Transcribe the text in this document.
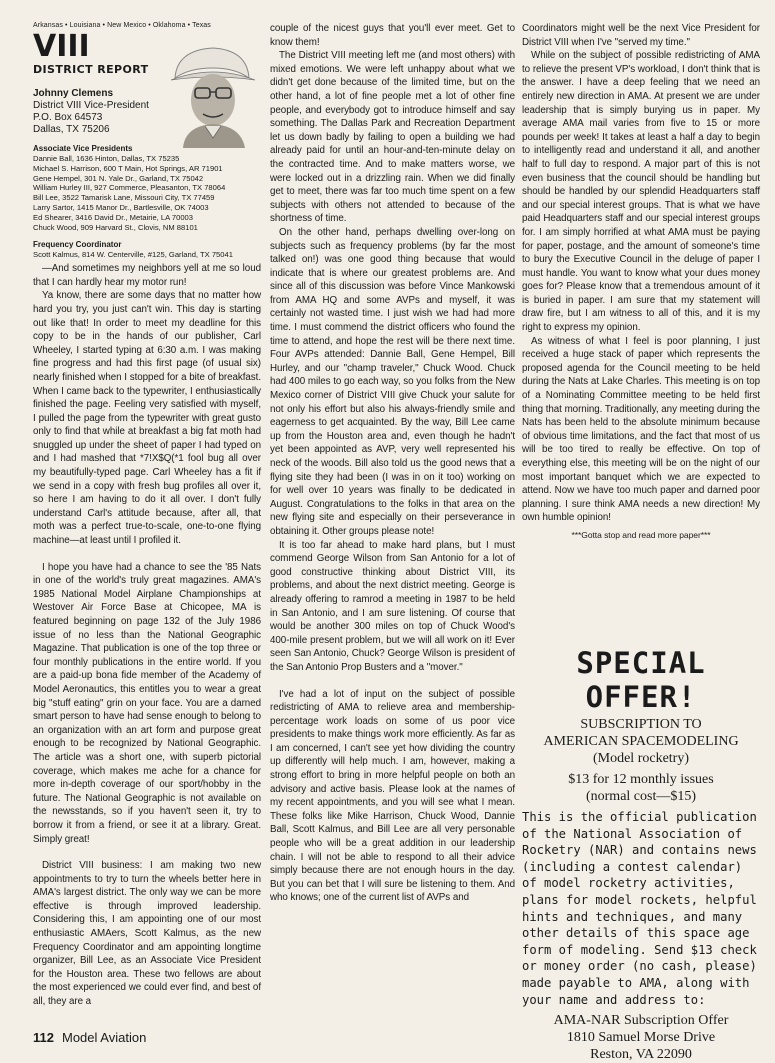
Arkansas • Louisiana • New Mexico • Oklahoma • Texas

VIII

DISTRICT REPORT

Johnny Clemens

District VIII Vice-President

P.O. Box 64573

Dallas, TX 75206

Associate Vice Presidents

Dannie Ball, 1636 Hinton, Dallas, TX 75235

Michael S. Harrison, 600 T Main, Hot Springs, AR 71901

Gene Hempel, 301 N. Yale Dr., Garland, TX 75042

William Hurley III, 927 Commerce, Pleasanton, TX 78064

Bill Lee, 3522 Tamarisk Lane, Missouri City, TX 77459

Larry Sartor, 1415 Manor Dr., Bartlesville, OK 74003

Ed Shearer, 3416 David Dr., Metairie, LA 70003

Chuck Wood, 909 Harvard St., Clovis, NM 88101

Frequency Coordinator

Scott Kalmus, 814 W. Centerville, #125, Garland, TX 75041

—And sometimes my neighbors yell at me so loud that I can hardly hear my motor run!

Ya know, there are some days that no matter how hard you try, you just can't win. This day is starting out like that! In order to meet my deadline for this copy to be in the hands of our publisher, Carl Wheeley, I started typing at 6:30 a.m. I was making fine progress and had this first page (of usual six) nearly finished when I stopped for a bite of breakfast. When I came back to the typewriter, I enthusiastically finished the page. Feeling very satisfied with myself, I pulled the page from the typewriter with great gusto only to find that while at breakfast a big fat moth had snuggled up under the sheet of paper I had typed on and I had mashed that *7!X$Q(*1 fool bug all over my beautifully-typed page. Carl Wheeley has a fit if we send in a copy with fresh bug profiles all over it, so here I am having to do it all over. I don't fully understand Carl's attitude because, after all, that moth was a perfect true-to-scale, one-to-one flying machine—at least until I profiled it.

I hope you have had a chance to see the '85 Nats in one of the world's truly great magazines. AMA's 1985 National Model Airplane Championships at Westover Air Force Base at Chicopee, MA is featured beginning on page 132 of the July 1986 issue of no less than the National Geographic Magazine. That publication is one of the top three or four monthly publications in the entire world. If you are a paid-up bona fide member of the Academy of Model Aeronautics, this entitles you to wear a great big "stuff eating" grin on your face. You are a darned smart person to have had sense enough to belong to an organization with an art form and purpose great enough to be recognized by National Geographic. The article was a short one, with superb pictorial coverage, which makes me ache for a chance for more in-depth coverage of our sport/hobby in the future. The National Geographic is not available on the newsstands, so if you haven't seen it, try to borrow it from a friend, or see it at a library. Great. Simply great!

District VIII business: I am making two new appointments to try to turn the wheels better here in AMA's largest district. The only way we can be more effective is through improved leadership. Considering this, I am appointing one of our most enthusiastic AMAers, Scott Kalmus, as the new Frequency Coordinator and am appointing longtime organizer, Bill Lee, as an Associate Vice President for the Houston area. These two fellows are about the most experienced we could ever find, and best of all, they are a

couple of the nicest guys that you'll ever meet. Get to know them!

The District VIII meeting left me (and most others) with mixed emotions. We were left unhappy about what we didn't get done because of the limited time, but on the other hand, a lot of fine people met a lot of other fine people, and everybody got to introduce himself and say something. The Dallas Park and Recreation Department let us down badly by failing to open a building we had already paid for until an hour-and-ten-minute delay on the contracted time. And to make matters worse, we were locked out in a drizzling rain. When we did finally get to meet, there was far too much time spent on a few subjects with others not attended to because of the shortness of time.

On the other hand, perhaps dwelling over-long on subjects such as frequency problems (by far the most talked on!) was one good thing because that would indicate that is where our greatest problems are. And since all of this discussion was before Vince Mankowski from AMA HQ and some AVPs and myself, it was certainly not wasted time. I just wish we had had more time. I must commend the district officers who found the time to attend, and hope the rest will be there next time. Four AVPs attended: Dannie Ball, Gene Hempel, Bill Hurley, and our "champ traveler," Chuck Wood. Chuck had 400 miles to go each way, so you folks from the New Mexico corner of District VIII give Chuck your salute for not only his effort but also his always-friendly smile and eagerness to get acquainted. By the way, Bill Lee came up from the Houston area and, even though he hadn't yet been appointed as AVP, very well represented his neck of the woods. Bill also told us the good news that a flying site they had been (I was in on it too) working on for well over 10 years was finally to be dedicated in August. Congratulations to the folks in that area on the new flying site and especially on their perseverance in obtaining it. Other groups please note!

It is too far ahead to make hard plans, but I must commend George Wilson from San Antonio for a lot of good constructive thinking about District VIII, its problems, and about the next district meeting. George is already offering to ramrod a meeting in 1987 to be held in San Antonio, and I am sure listening. Of course that would be another 300 miles on top of Chuck Wood's 400-mile present problem, but we will all work on it! Ever seen San Antonio, Chuck? George Wilson is president of the San Antonio Prop Busters and a "mover."

I've had a lot of input on the subject of possible redistricting of AMA to relieve area and membership-percentage work loads on some of us poor vice presidents to make things work more efficiently. As far as I am concerned, I can't see yet how dividing the country up differently will help much. I am, however, making a strong effort to bring in more helpful people on both an advisory and active basis. Please look at the names of my recent appointments, and you will see what I mean. These folks like Mike Harrison, Chuck Wood, Dannie Ball, Scott Kalmus, and Bill Lee are all very personable people who will be a great addition in our leadership chain. I will not be able to respond to all their advice simply because there are not enough hours in the day. But you can bet that I will sure be listening to them. And who knows; one of the current list of AVPs and

Coordinators might well be the next Vice President for District VIII when I've "served my time."

While on the subject of possible redistricting of AMA to relieve the present VP's workload, I don't think that is the answer. I have a deep feeling that we need an entirely new direction in AMA. At present we are under leadership that is simply burying us in paper. My average AMA mail varies from five to 15 or more pounds per week! It takes at least a half a day to begin to intelligently read and understand it all, and another half to full day to respond. A major part of this is not even business that the council should be handling but should be handled by our splendid Headquarters staff and our special interest groups. That is what we have paid Headquarters staff and our special interest groups for. I am simply horrified at what AMA must be paying for paper, postage, and the amount of someone's time to bury the Executive Council in the deluge of paper I must handle. You want to know what your dues money goes for? Please know that a tremendous amount of it is buried in paper. I am sure that my statement will draw fire, but I am witness to all of this, and it is my right to express my opinion.

As witness of what I feel is poor planning, I just received a huge stack of paper which represents the proposed agenda for the Council meeting to be held during the Nats at Lake Charles. This meeting is on top of a Nominating Committee meeting to be held first thing that morning. Traditionally, any meeting during the Nats has been held to the absolute minimum because of obvious time limitations, and the fact that most of us will be too tired to really be effective. On top of everything else, this meeting will be on the night of our most important banquet which we are expected to attend. Now we have too much paper and darned poor planning. I sure think AMA needs a new direction! My own humble opinion!

***Gotta stop and read more paper***

SPECIAL OFFER!

SUBSCRIPTION TO

AMERICAN SPACEMODELING

(Model rocketry)

$13 for 12 monthly issues

(normal cost—$15)

This is the official publication of the National Association of Rocketry (NAR) and contains news (including a contest calendar) of model rocketry activities, plans for model rockets, helpful hints and techniques, and many other details of this space age form of modeling. Send $13 check or money order (no cash, please) made payable to AMA, along with your name and address to:

AMA-NAR Subscription Offer

1810 Samuel Morse Drive

Reston, VA 22090

112 Model Aviation
